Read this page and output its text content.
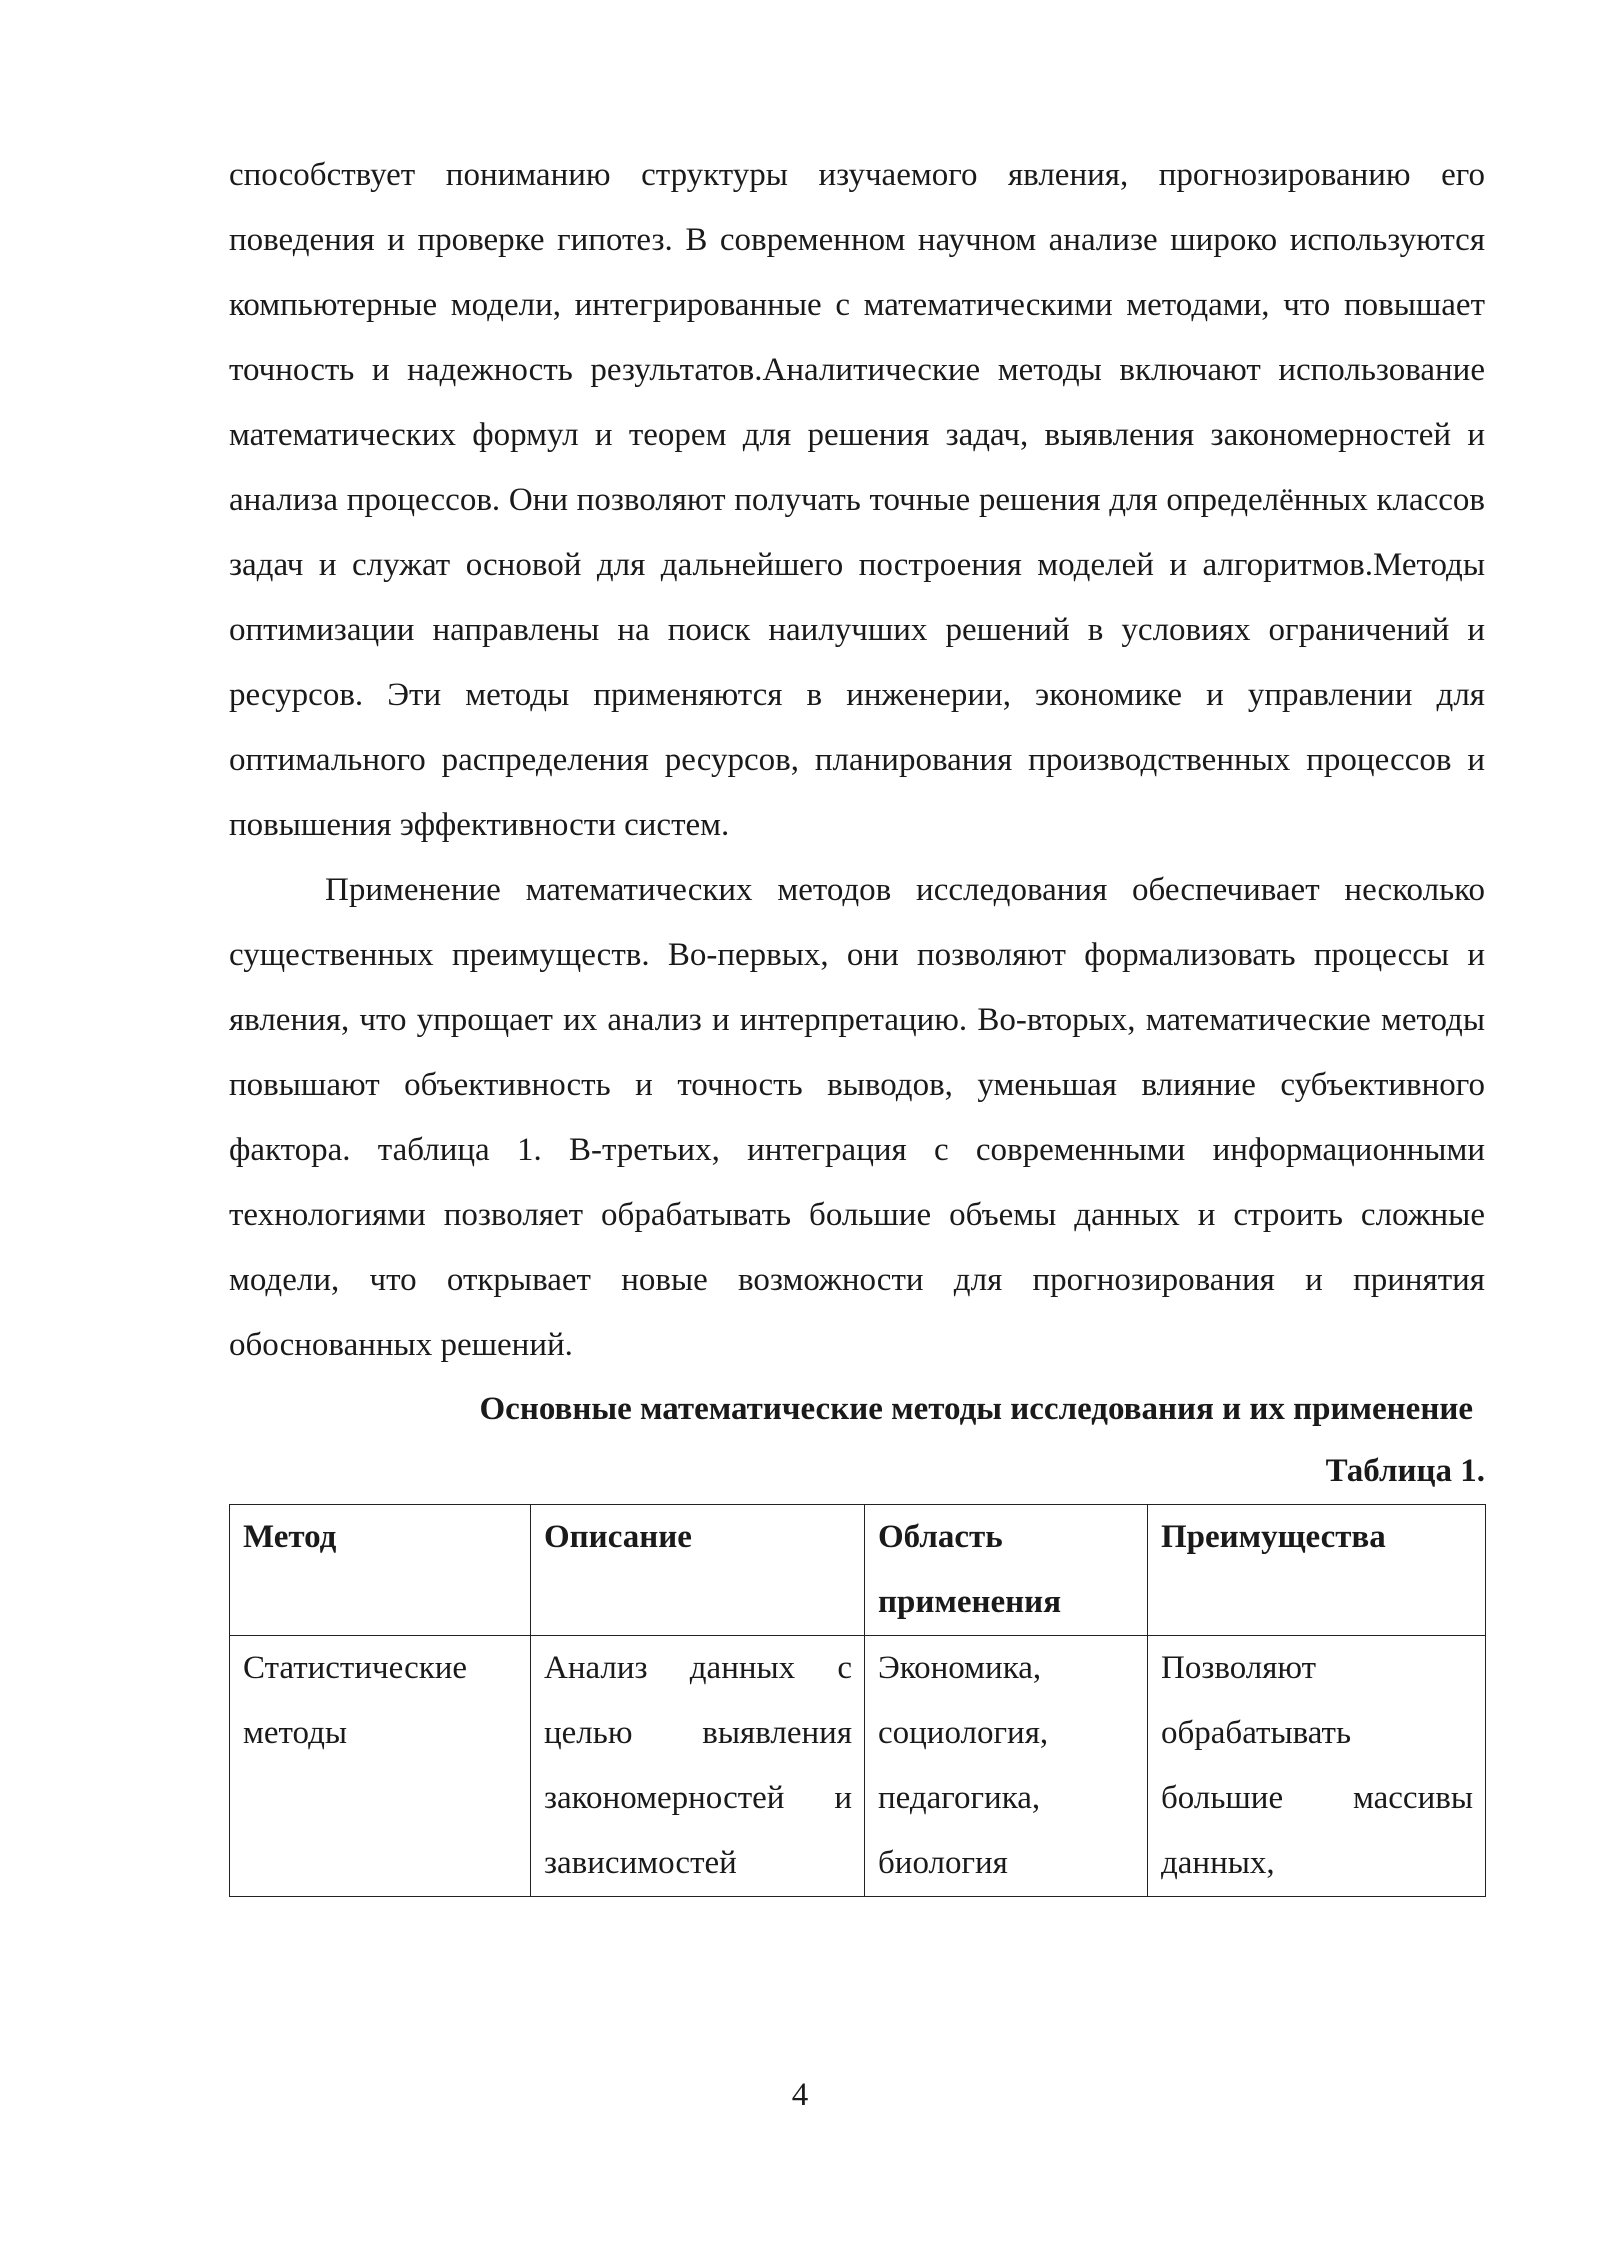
способствует пониманию структуры изучаемого явления, прогнозированию его поведения и проверке гипотез. В современном научном анализе широко используются компьютерные модели, интегрированные с математическими методами, что повышает точность и надежность результатов.Аналитические методы включают использование математических формул и теорем для решения задач, выявления закономерностей и анализа процессов. Они позволяют получать точные решения для определённых классов задач и служат основой для дальнейшего построения моделей и алгоритмов.Методы оптимизации направлены на поиск наилучших решений в условиях ограничений и ресурсов. Эти методы применяются в инженерии, экономике и управлении для оптимального распределения ресурсов, планирования производственных процессов и повышения эффективности систем.

Применение математических методов исследования обеспечивает несколько существенных преимуществ. Во-первых, они позволяют формализовать процессы и явления, что упрощает их анализ и интерпретацию. Во-вторых, математические методы повышают объективность и точность выводов, уменьшая влияние субъективного фактора. таблица 1. В-третьих, интеграция с современными информационными технологиями позволяет обрабатывать большие объемы данных и строить сложные модели, что открывает новые возможности для прогнозирования и принятия обоснованных решений.

Основные математические методы исследования и их применение

Таблица 1.

Метод	Описание	Область применения	Преимущества
Статистические методы	Анализ данных с целью выявления закономерностей и зависимостей	Экономика, социология, педагогика, биология	Позволяют обрабатывать большие массивы данных,
4
